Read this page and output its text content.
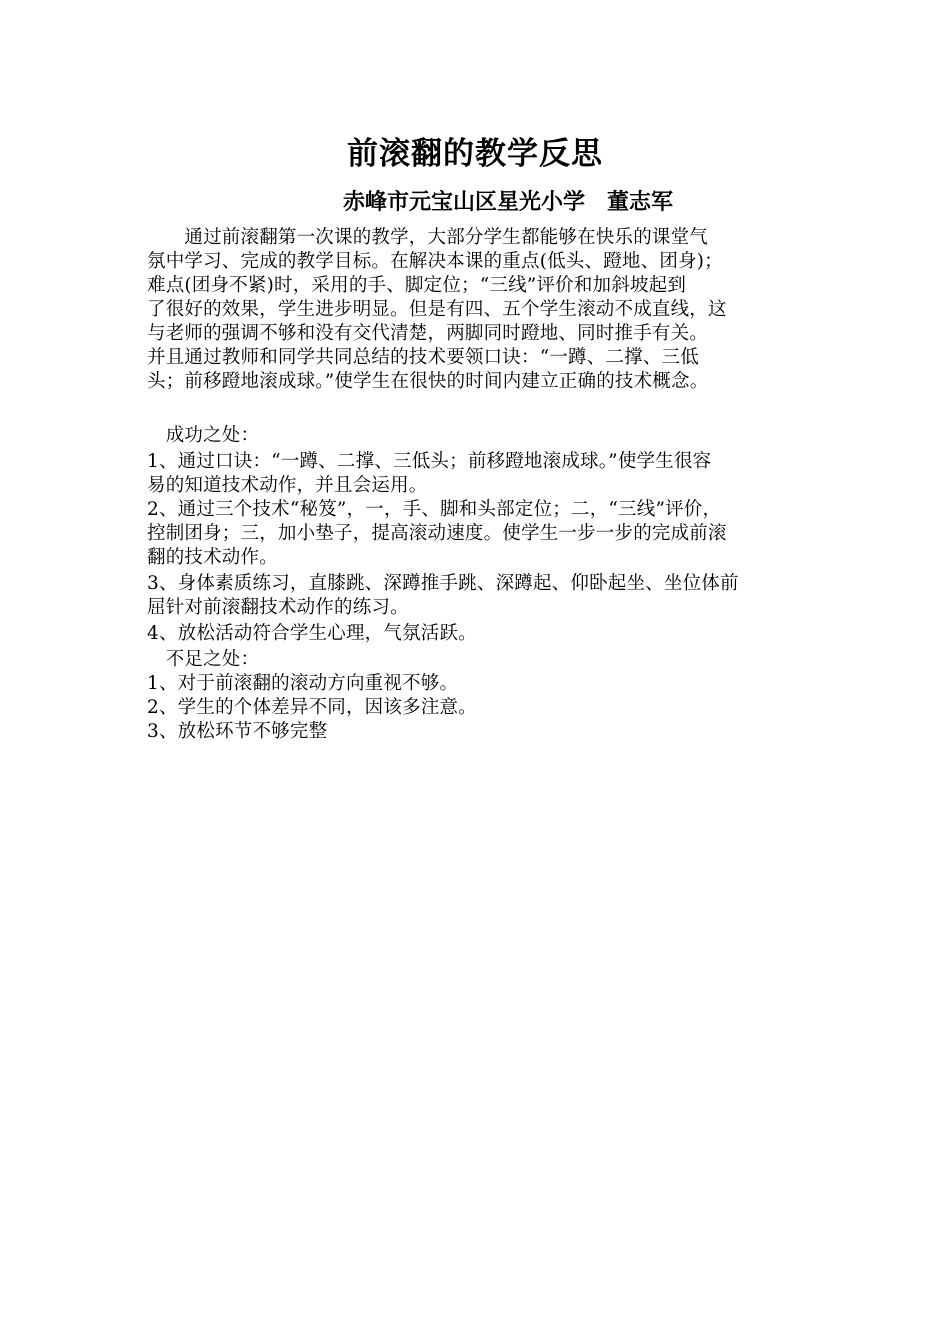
前滚翻的教学反思
赤峰市元宝山区星光小学　董志军
　　通过前滚翻第一次课的教学，大部分学生都能够在快乐的课堂气
氛中学习、完成的教学目标。在解决本课的重点(低头、蹬地、团身)；
难点(团身不紧)时，采用的手、脚定位；“三线”评价和加斜坡起到
了很好的效果，学生进步明显。但是有四、五个学生滚动不成直线，这
与老师的强调不够和没有交代清楚，两脚同时蹬地、同时推手有关。
并且通过教师和同学共同总结的技术要领口诀：“一蹲、二撑、三低
头；前移蹬地滚成球。”使学生在很快的时间内建立正确的技术概念。
　成功之处：
1、通过口诀：“一蹲、二撑、三低头；前移蹬地滚成球。”使学生很容
易的知道技术动作，并且会运用。
2、通过三个技术“秘笈”，一，手、脚和头部定位；二，“三线”评价，
控制团身；三，加小垫子，提高滚动速度。使学生一步一步的完成前滚
翻的技术动作。
3、身体素质练习，直膝跳、深蹲推手跳、深蹲起、仰卧起坐、坐位体前
屈针对前滚翻技术动作的练习。
4、放松活动符合学生心理，气氛活跃。
　不足之处：
1、对于前滚翻的滚动方向重视不够。
2、学生的个体差异不同，因该多注意。
3、放松环节不够完整
